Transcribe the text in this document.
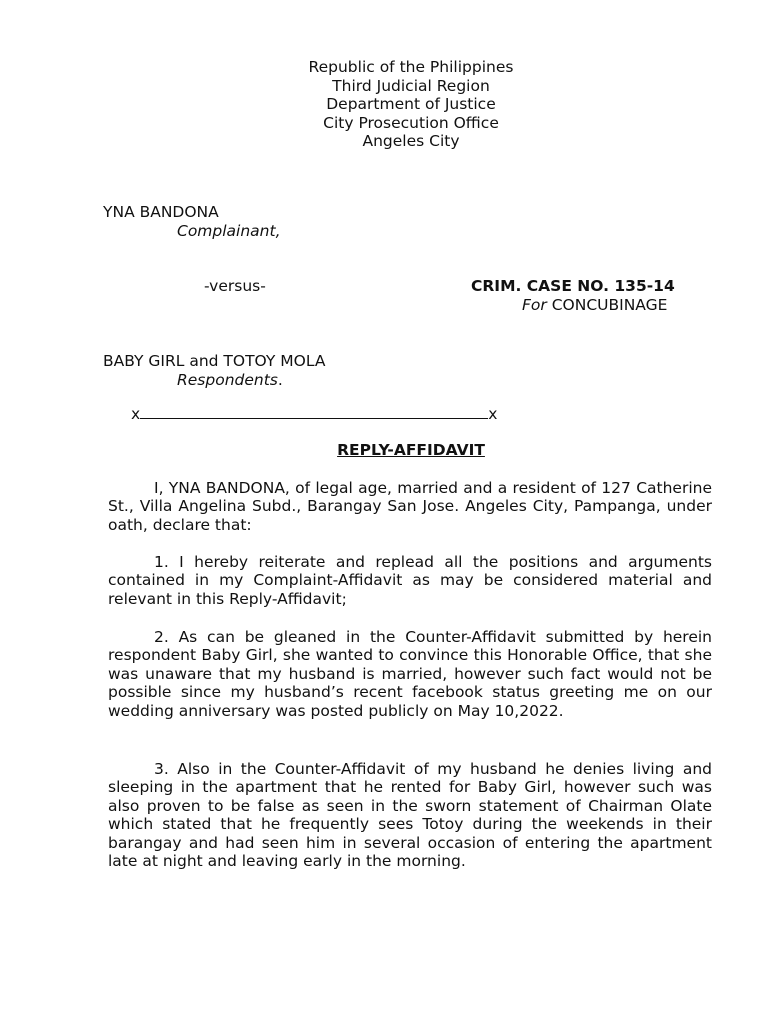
Republic of the Philippines
Third Judicial Region
Department of Justice
City Prosecution Office
Angeles City
YNA BANDONA
Complainant,
-versus-	CRIM. CASE NO. 135-14
For CONCUBINAGE
BABY GIRL and TOTOY MOLA
Respondents.
x	x
REPLY-AFFIDAVIT

I, YNA BANDONA, of legal age, married and a resident of 127 Catherine St., Villa Angelina Subd., Barangay San Jose. Angeles City, Pampanga, under oath, declare that:

1. I hereby reiterate and replead all the positions and arguments contained in my Complaint-Affidavit as may be considered material and relevant in this Reply-Affidavit;

2. As can be gleaned in the Counter-Affidavit submitted by herein respondent Baby Girl, she wanted to convince this Honorable Office, that she was unaware that my husband is married, however such fact would not be possible since my husband’s recent facebook status greeting me on our wedding anniversary was posted publicly on May 10,2022.

3. Also in the Counter-Affidavit of my husband he denies living and sleeping in the apartment that he rented for Baby Girl, however such was also proven to be false as seen in the sworn statement of Chairman Olate which stated that he frequently sees Totoy during the weekends in their barangay and had seen him in several occasion of entering the apartment late at night and leaving early in the morning.
